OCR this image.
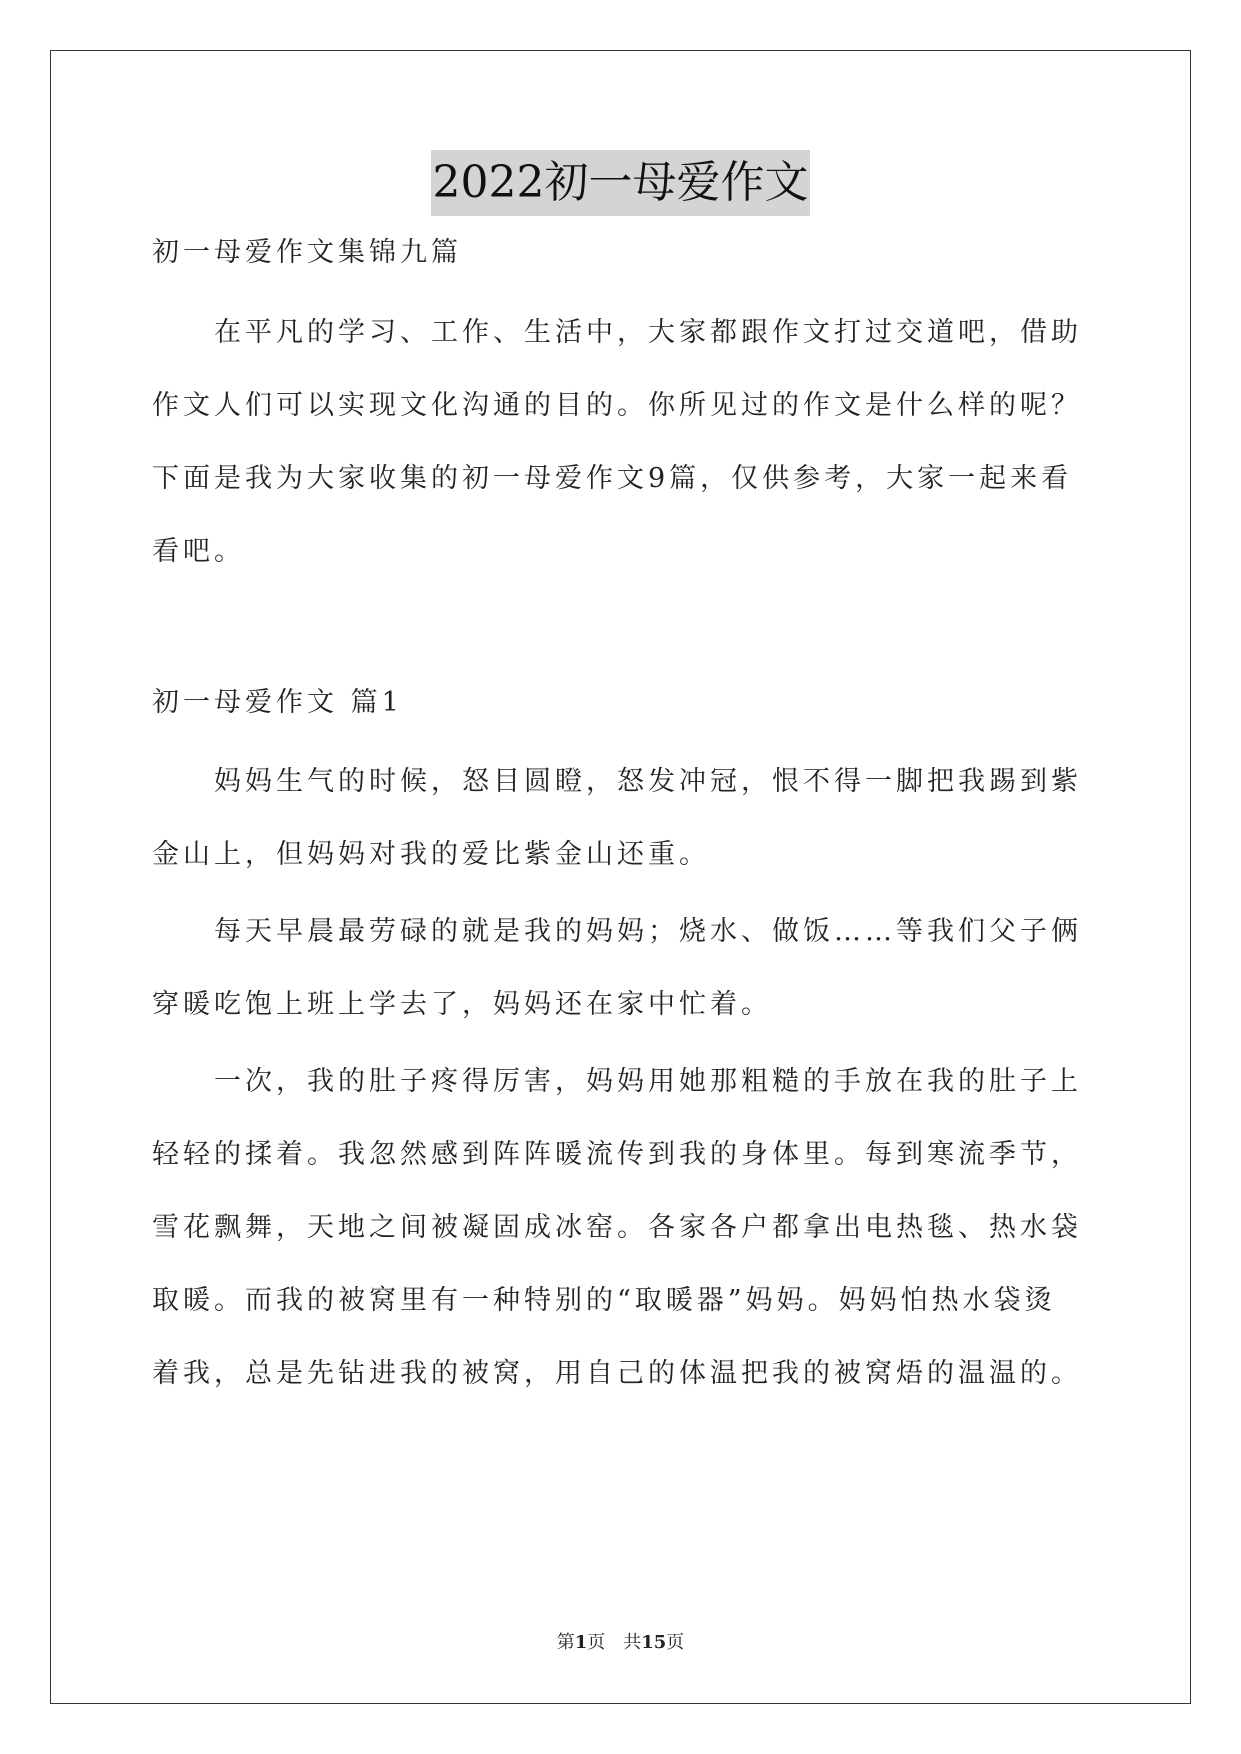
2022初一母爱作文

初一母爱作文集锦九篇

　　在平凡的学习、工作、生活中，大家都跟作文打过交道吧，借助

作文人们可以实现文化沟通的目的。你所见过的作文是什么样的呢？

下面是我为大家收集的初一母爱作文9篇，仅供参考，大家一起来看

看吧。

初一母爱作文 篇1

　　妈妈生气的时候，怒目圆瞪，怒发冲冠，恨不得一脚把我踢到紫

金山上，但妈妈对我的爱比紫金山还重。

　　每天早晨最劳碌的就是我的妈妈；烧水、做饭……等我们父子俩

穿暖吃饱上班上学去了，妈妈还在家中忙着。

　　一次，我的肚子疼得厉害，妈妈用她那粗糙的手放在我的肚子上

轻轻的揉着。我忽然感到阵阵暖流传到我的身体里。每到寒流季节，

雪花飘舞，天地之间被凝固成冰窑。各家各户都拿出电热毯、热水袋

取暖。而我的被窝里有一种特别的“取暖器”妈妈。妈妈怕热水袋烫

着我，总是先钻进我的被窝，用自己的体温把我的被窝焐的温温的。

第1页　共15页
